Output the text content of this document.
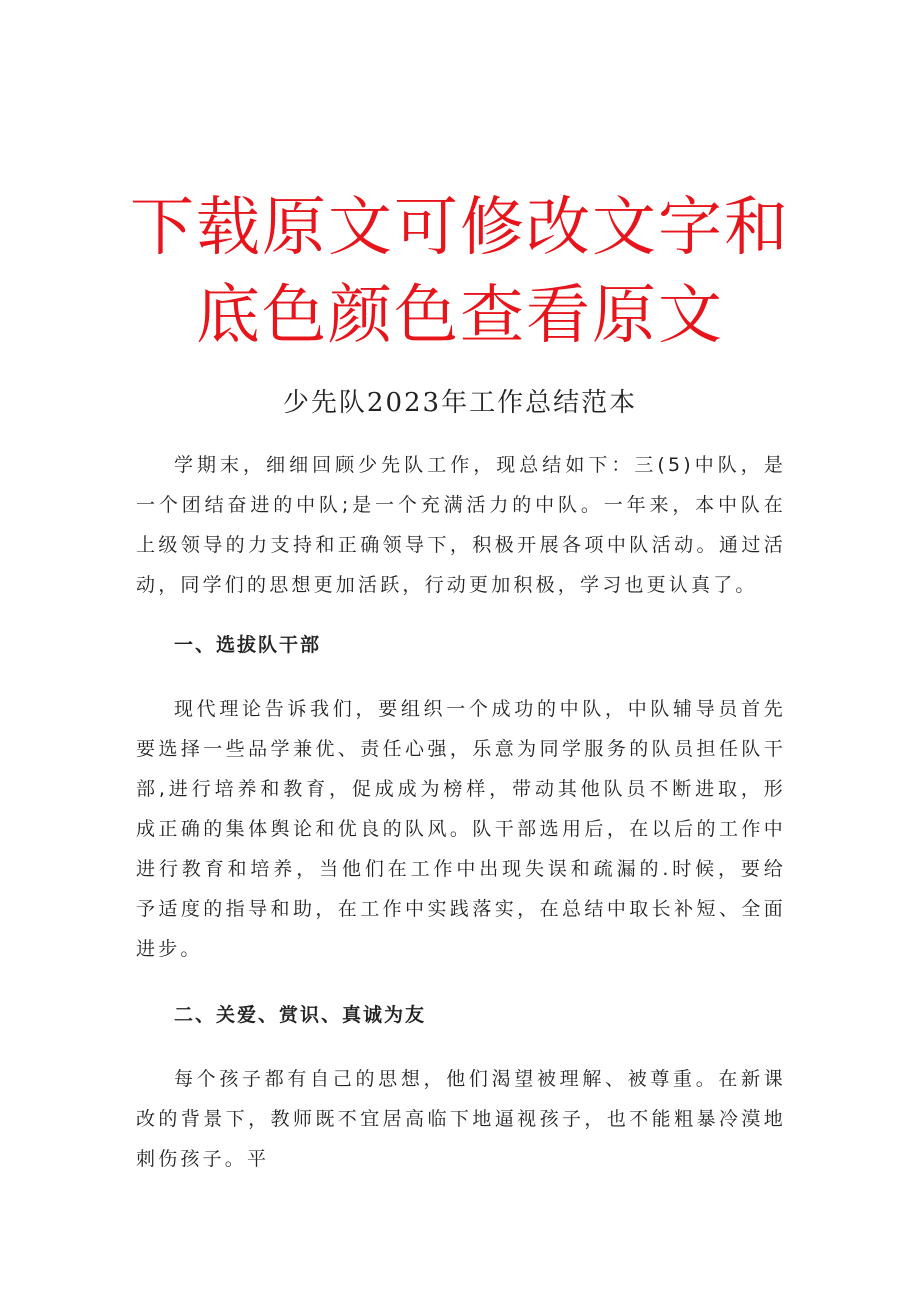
下载原文可修改文字和底色颜色查看原文
少先队2023年工作总结范本

学期末，细细回顾少先队工作，现总结如下：三(5)中队，是一个团结奋进的中队;是一个充满活力的中队。一年来，本中队在上级领导的力支持和正确领导下，积极开展各项中队活动。通过活动，同学们的思想更加活跃，行动更加积极，学习也更认真了。

一、选拔队干部

现代理论告诉我们，要组织一个成功的中队，中队辅导员首先要选择一些品学兼优、责任心强，乐意为同学服务的队员担任队干部,进行培养和教育，促成成为榜样，带动其他队员不断进取，形成正确的集体舆论和优良的队风。队干部选用后，在以后的工作中进行教育和培养，当他们在工作中出现失误和疏漏的.时候，要给予适度的指导和助，在工作中实践落实，在总结中取长补短、全面进步。

二、关爱、赏识、真诚为友

每个孩子都有自己的思想，他们渴望被理解、被尊重。在新课改的背景下，教师既不宜居高临下地逼视孩子，也不能粗暴冷漠地刺伤孩子。平
